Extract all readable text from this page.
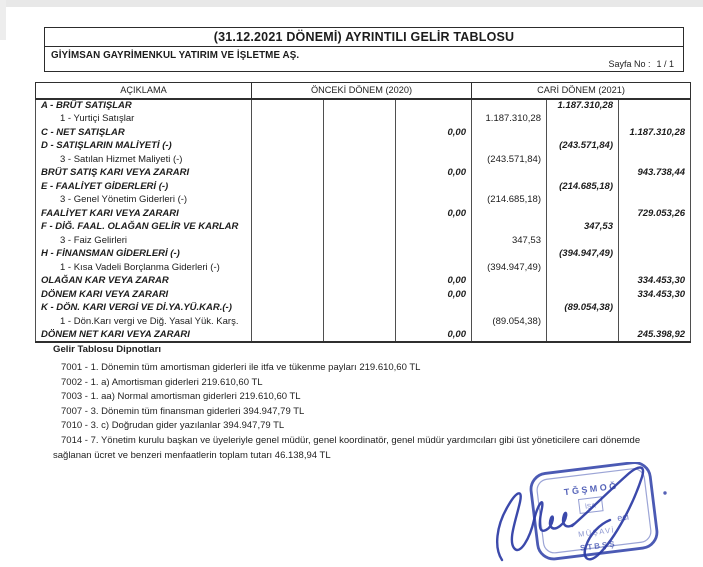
(31.12.2021 DÖNEMİ) AYRINTILI GELİR TABLOSU
GİYİMSAN GAYRİMENKUL YATIRIM VE İŞLETME AŞ.
Sayfa No : 1 / 1
AÇIKLAMA	ÖNCEKİ DÖNEM (2020)			CARİ DÖNEM (2021)		
A - BRÜT SATIŞLAR					1.187.310,28	
1 - Yurtiçi Satışlar				1.187.310,28		
C - NET SATIŞLAR			0,00			1.187.310,28
D - SATIŞLARIN MALİYETİ (-)					(243.571,84)	
3 - Satılan Hizmet Maliyeti (-)				(243.571,84)		
BRÜT SATIŞ KARI VEYA ZARARI			0,00			943.738,44
E - FAALİYET GİDERLERİ (-)					(214.685,18)	
3 - Genel Yönetim Giderleri (-)				(214.685,18)		
FAALİYET KARI VEYA ZARARI			0,00			729.053,26
F - DİĞ. FAAL. OLAĞAN GELİR VE KARLAR					347,53	
3 - Faiz Gelirleri				347,53		
H - FİNANSMAN GİDERLERİ (-)					(394.947,49)	
1 - Kısa Vadeli Borçlanma Giderleri (-)				(394.947,49)		
OLAĞAN KAR VEYA ZARAR			0,00			334.453,30
DÖNEM KARI VEYA ZARARI			0,00			334.453,30
K - DÖN. KARI VERGİ VE Dİ.YA.YÜ.KAR.(-)					(89.054,38)	
1 - Dön.Karı vergi ve Diğ. Yasal Yük. Karş.				(89.054,38)		
DÖNEM NET KARI VEYA ZARARI			0,00			245.398,92
Gelir Tablosu Dipnotları
7001 - 1. Dönemin tüm amortisman giderleri ile itfa ve tükenme payları 219.610,60 TL
7002 - 1. a) Amortisman giderleri 219.610,60 TL
7003 - 1. aa) Normal amortisman giderleri 219.610,60 TL
7007 - 3. Dönemin tüm finansman giderleri 394.947,79 TL
7010 - 3. c) Doğrudan gider yazılanlar 394.947,79 TL
7014 - 7. Yönetim kurulu başkan ve üyeleriyle genel müdür, genel koordinatör, genel müdür yardımcıları gibi üst yöneticilere cari dönemde sağlanan ücret ve benzeri menfaatlerin toplam tutarı 46.138,94 TL
TĞŞMOĞ
İSA
eci
MÜŞAVİ
STBŞŞ
